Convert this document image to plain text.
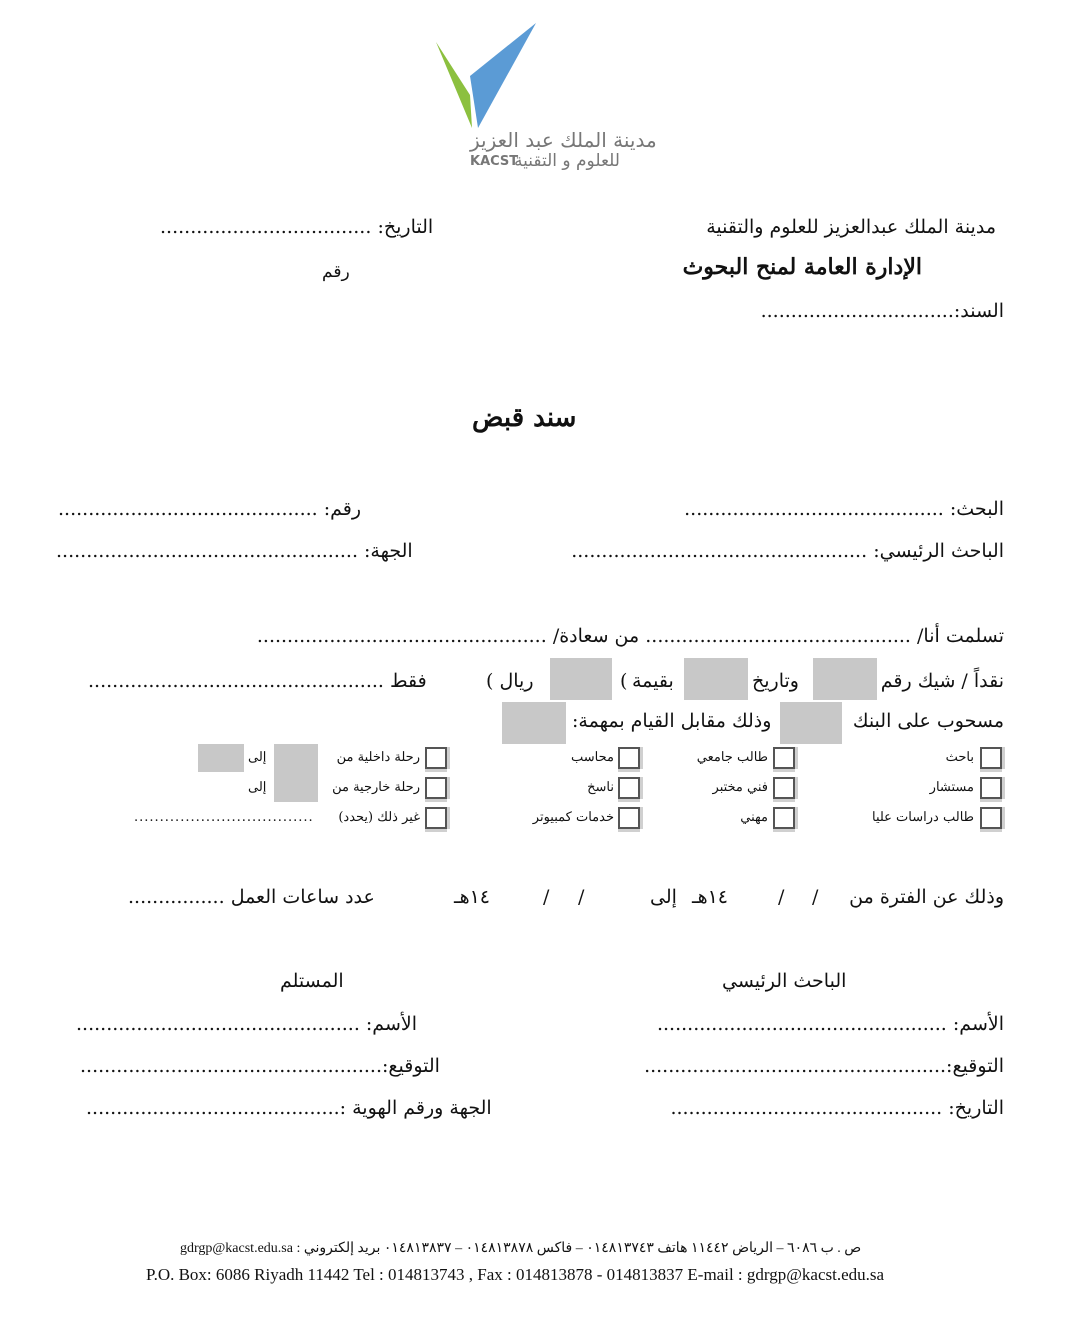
مدينة الملك عبد العزيز
KACST
للعلوم و التقنية
مدينة الملك عبدالعزيز للعلوم والتقنية
الإدارة العامة لمنح البحوث
السند:................................
التاريخ: ...................................
رقم
سند قبض
البحث: ...........................................
رقم: ...........................................
الباحث الرئيسي: .................................................
الجهة: ..................................................
تسلمت أنا/ ............................................ من سعادة/ ................................................
نقداً / شيك رقم
وتاريخ
بقيمة
(
ريال )
فقط .................................................
مسحوب على البنك
وذلك مقابل القيام بمهمة:
باحث
مستشار
طالب دراسات عليا
طالب جامعي
فني مختبر
مهني
محاسب
ناسخ
خدمات كمبيوتر
رحلة داخلية من
إلى
رحلة خارجية من
إلى
غير ذلك (يحدد)
...................................
وذلك عن الفترة من
/
/
١٤هـ
إلى
/
/
١٤هـ
عدد ساعات العمل ................
الباحث الرئيسي
المستلم
الأسم: ................................................
التوقيع:..................................................
التاريخ: .............................................
الأسم: ...............................................
التوقيع:..................................................
الجهة ورقم الهوية :..........................................
ص . ب ٦٠٨٦ – الرياض ١١٤٤٢ هاتف ٠١٤٨١٣٧٤٣ – فاكس ٠١٤٨١٣٨٧٨ – ٠١٤٨١٣٨٣٧ بريد إلكتروني : gdrgp@kacst.edu.sa
P.O. Box: 6086 Riyadh 11442 Tel : 014813743 , Fax : 014813878 - 014813837 E-mail : gdrgp@kacst.edu.sa
